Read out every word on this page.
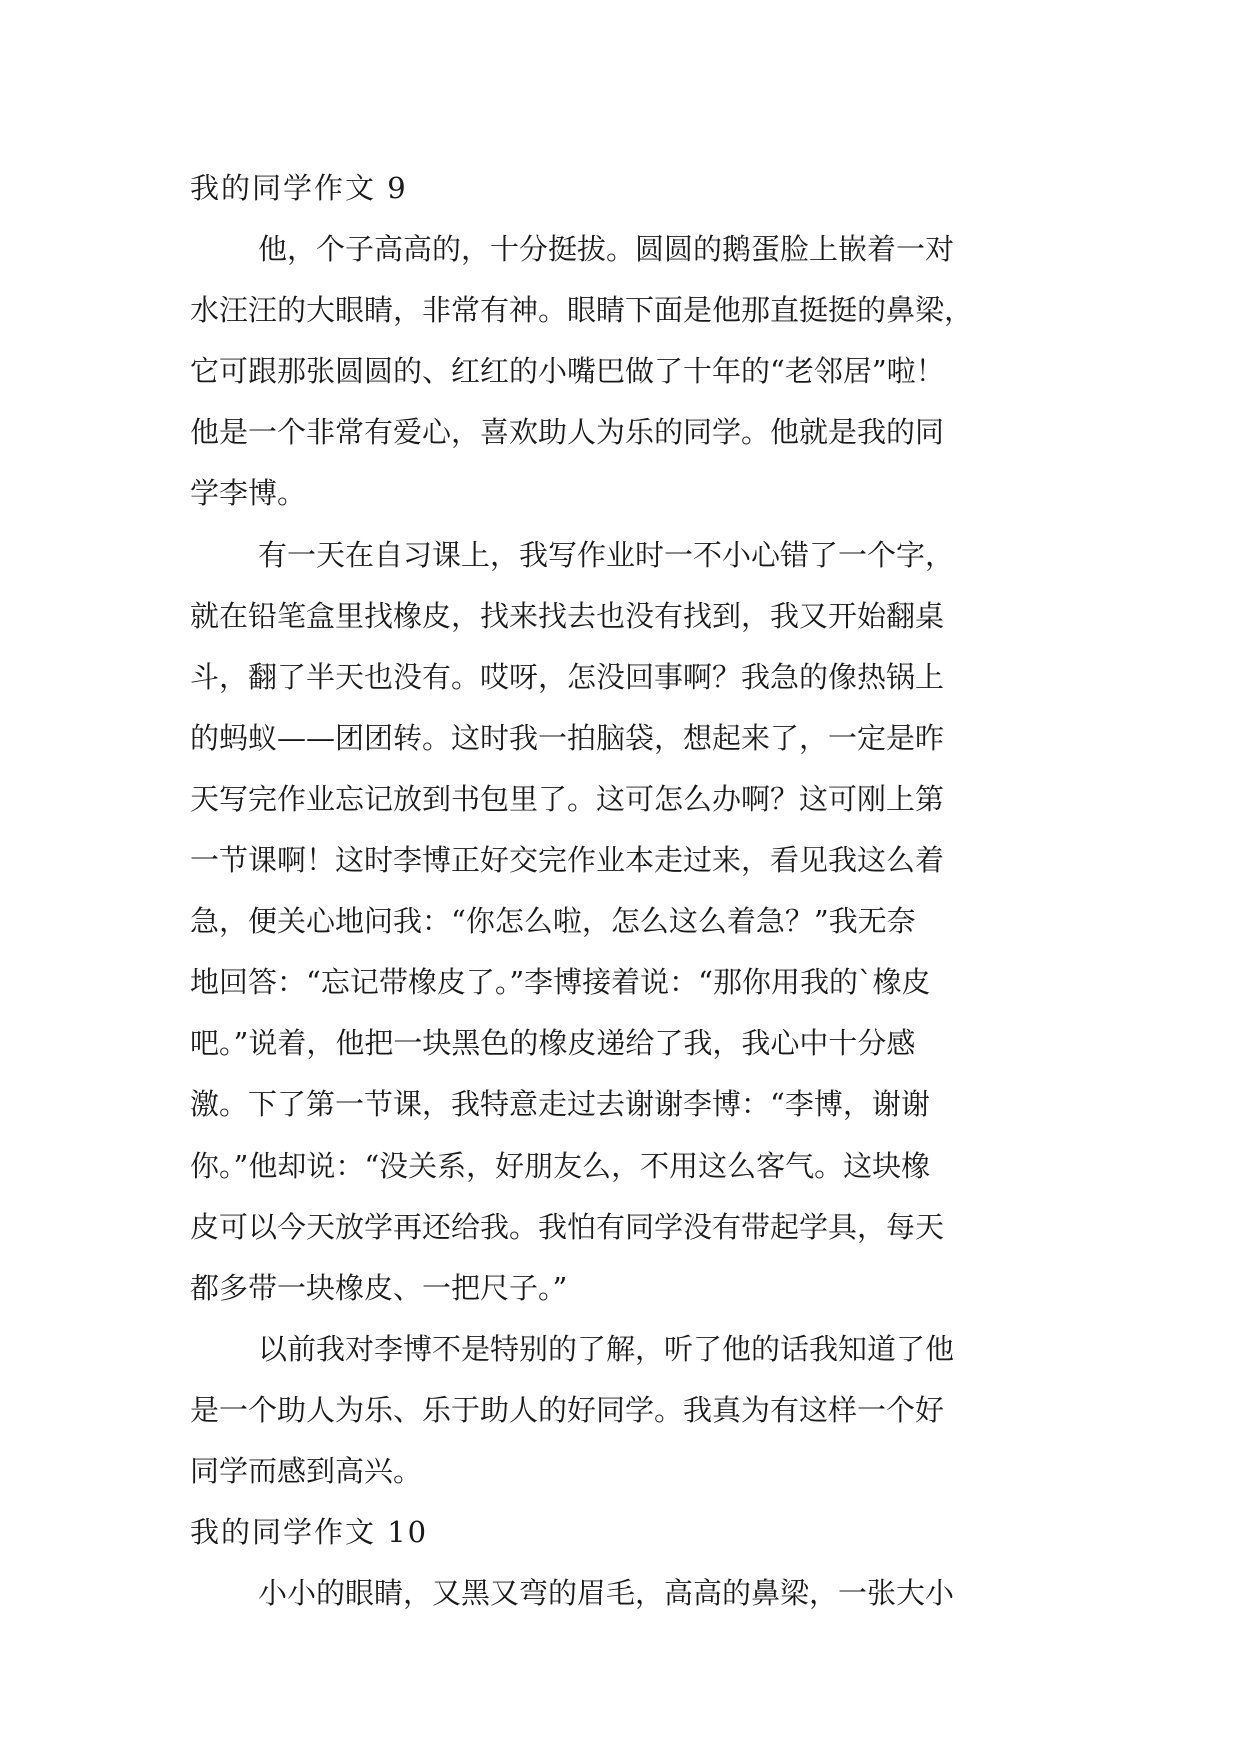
我的同学作文 9
他，个子高高的，十分挺拔。圆圆的鹅蛋脸上嵌着一对
水汪汪的大眼睛，非常有神。眼睛下面是他那直挺挺的鼻梁，
它可跟那张圆圆的、红红的小嘴巴做了十年的“老邻居”啦！
他是一个非常有爱心，喜欢助人为乐的同学。他就是我的同
学李博。
有一天在自习课上，我写作业时一不小心错了一个字，
就在铅笔盒里找橡皮，找来找去也没有找到，我又开始翻桌
斗，翻了半天也没有。哎呀，怎没回事啊？我急的像热锅上
的蚂蚁——团团转。这时我一拍脑袋，想起来了，一定是昨
天写完作业忘记放到书包里了。这可怎么办啊？这可刚上第
一节课啊！这时李博正好交完作业本走过来，看见我这么着
急，便关心地问我：“你怎么啦，怎么这么着急？”我无奈
地回答：“忘记带橡皮了。”李博接着说：“那你用我的`橡皮
吧。”说着，他把一块黑色的橡皮递给了我，我心中十分感
激。下了第一节课，我特意走过去谢谢李博：“李博，谢谢
你。”他却说：“没关系，好朋友么，不用这么客气。这块橡
皮可以今天放学再还给我。我怕有同学没有带起学具，每天
都多带一块橡皮、一把尺子。”
以前我对李博不是特别的了解，听了他的话我知道了他
是一个助人为乐、乐于助人的好同学。我真为有这样一个好
同学而感到高兴。
我的同学作文 10
小小的眼睛，又黑又弯的眉毛，高高的鼻梁，一张大小
